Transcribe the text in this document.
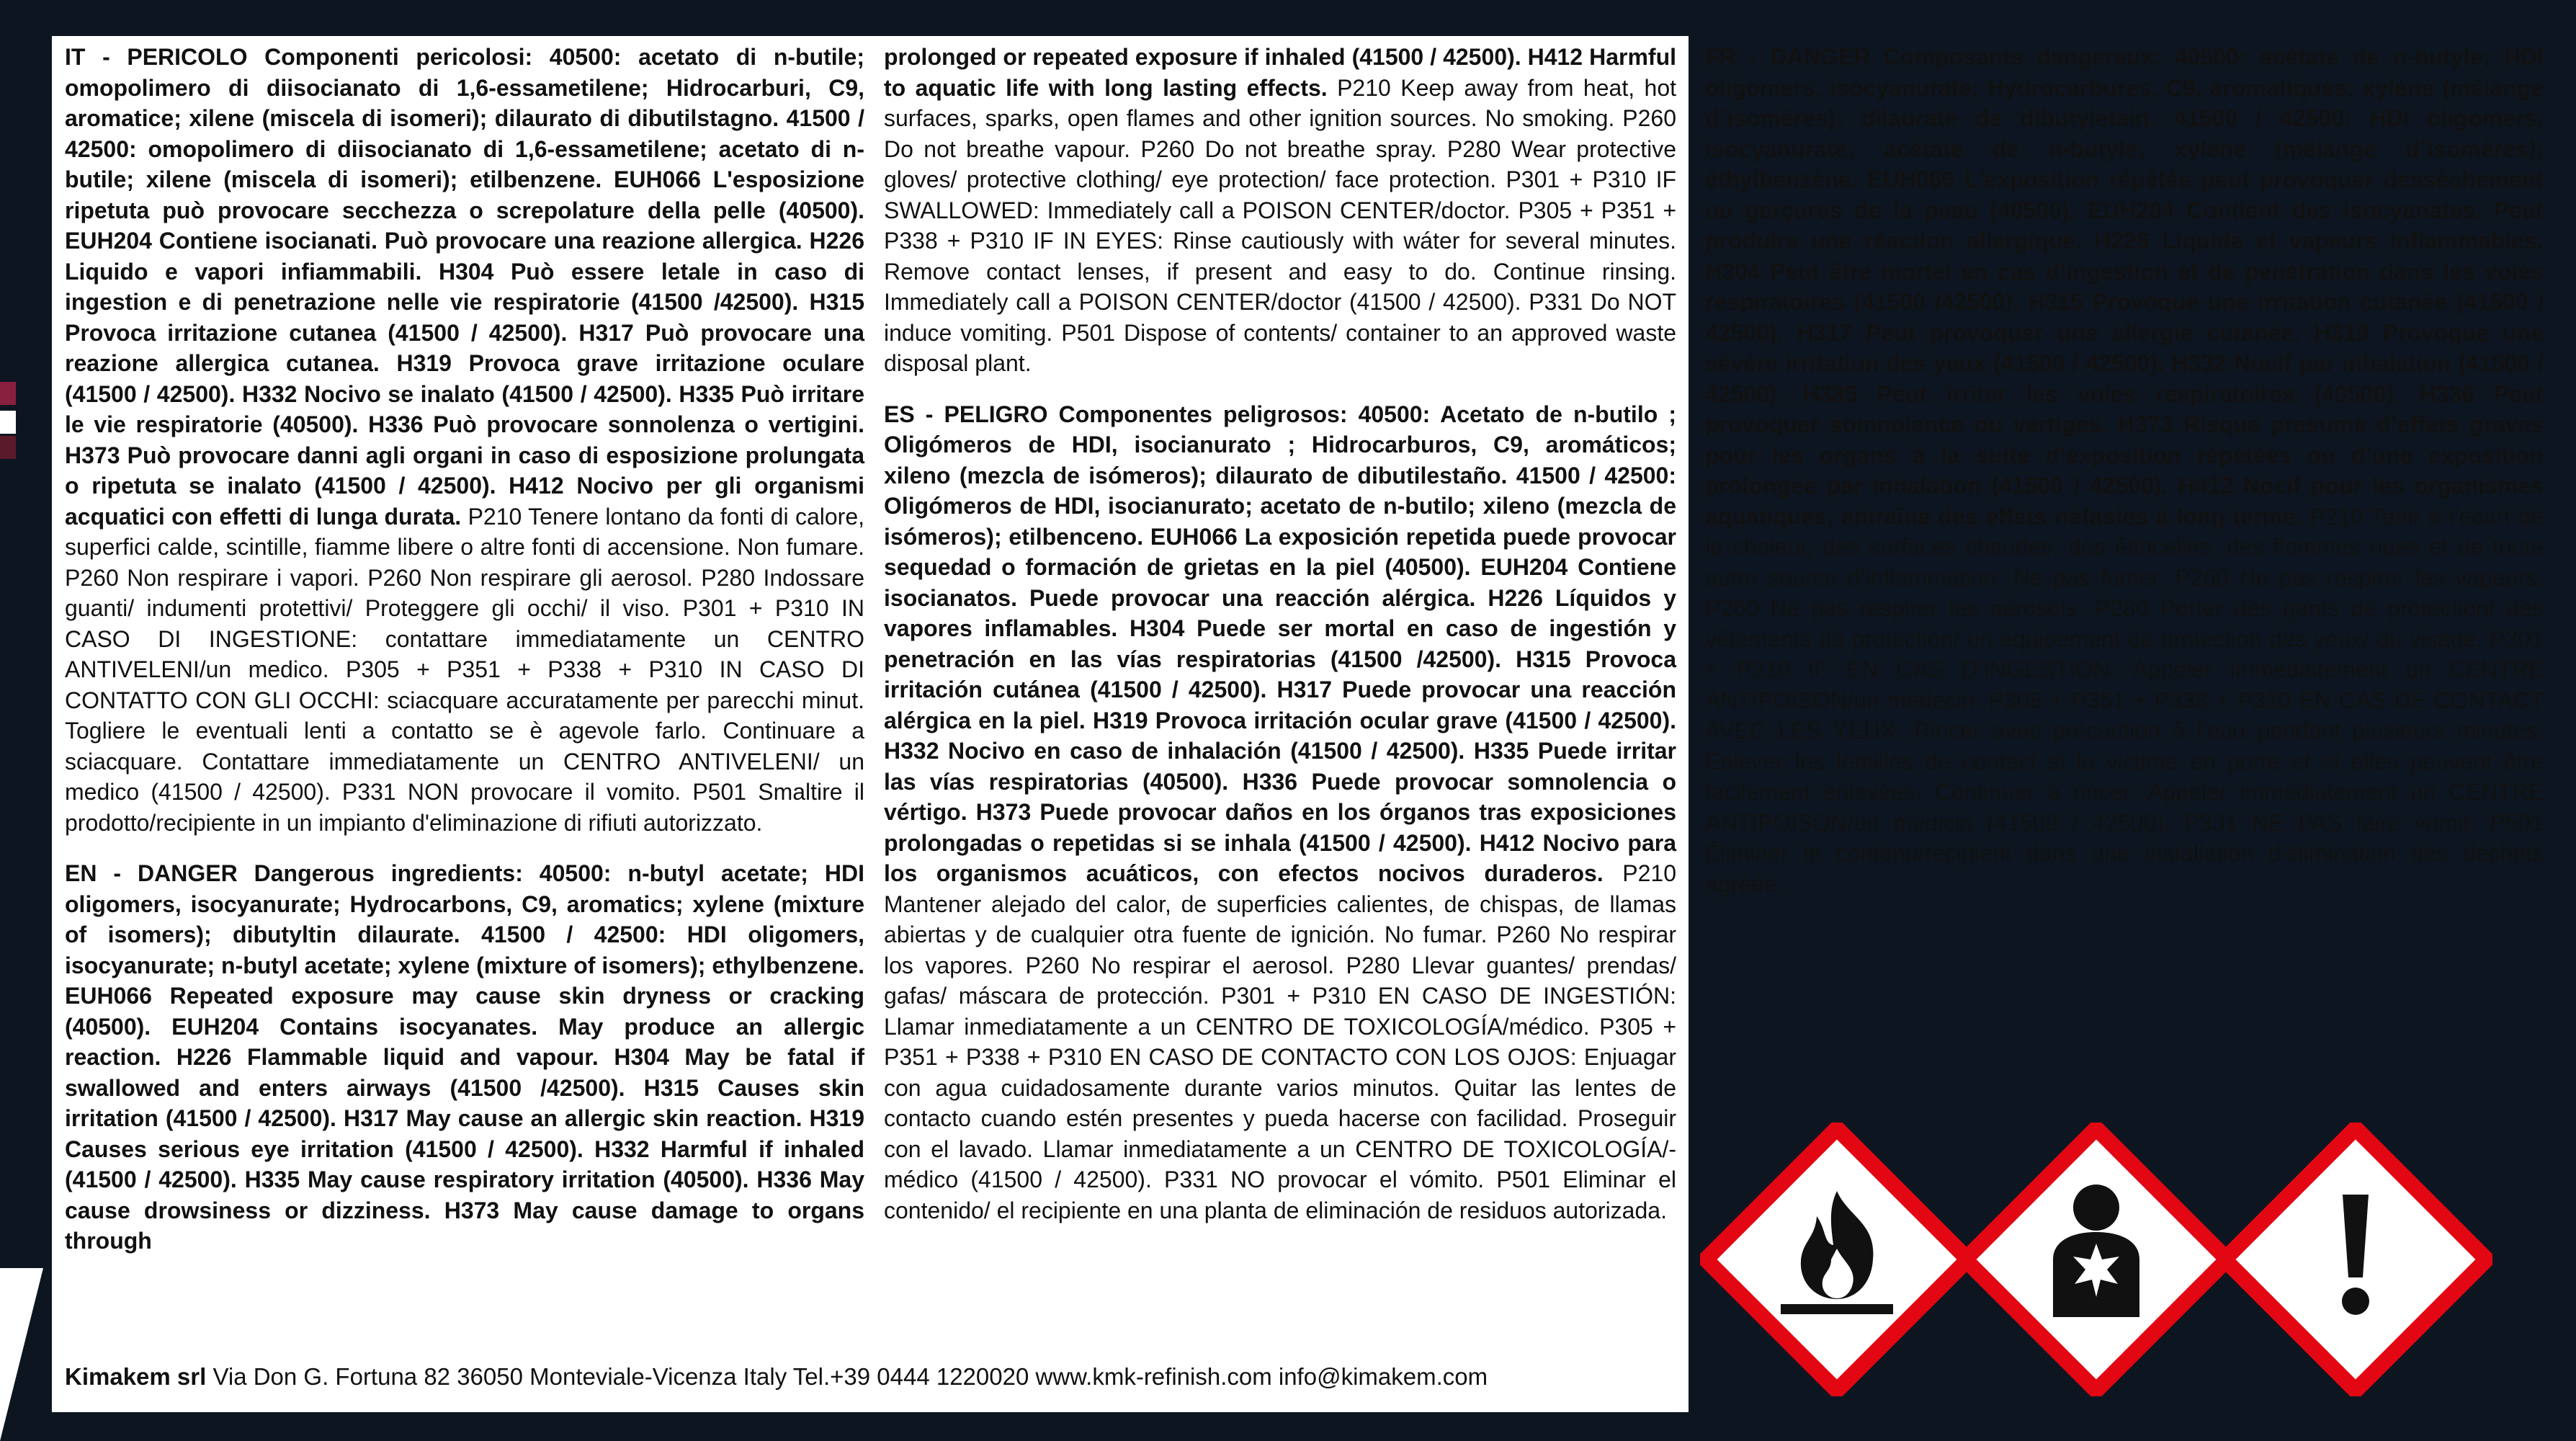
IT - PERICOLO Componenti pericolosi: 40500: acetato di n-butile; omopolimero di diisocianato di 1,6-essametilene; Hidrocarburi, C9, aromatice; xilene (miscela di isomeri); dilaurato di dibutilstagno. 41500 / 42500: omopolimero di diisocianato di 1,6-essametilene; acetato di n-butile; xilene (miscela di isomeri); etilbenzene. EUH066 L'esposizione ripetuta può provocare secchezza o screpolature della pelle (40500). EUH204 Contiene isocianati. Può provocare una reazione allergica. H226 Liquido e vapori infiammabili. H304 Può essere letale in caso di ingestion e di penetrazione nelle vie respiratorie (41500 /42500). H315 Provoca irritazione cutanea (41500 / 42500). H317 Può provocare una reazione allergica cutanea. H319 Provoca grave irritazione oculare (41500 / 42500). H332 Nocivo se inalato (41500 / 42500). H335 Può irritare le vie respiratorie (40500). H336 Può provocare sonnolenza o vertigini. H373 Può provocare danni agli organi in caso di esposizione prolungata o ripetuta se inalato (41500 / 42500). H412 Nocivo per gli organismi acquatici con effetti di lunga durata. P210 Tenere lontano da fonti di calore, superfici calde, scintille, fiamme libere o altre fonti di accensione. Non fumare. P260 Non respirare i vapori. P260 Non respirare gli aerosol. P280 Indossare guanti/ indumenti protettivi/ Proteggere gli occhi/ il viso. P301 + P310 IN CASO DI INGESTIONE: contattare immediatamente un CENTRO ANTIVELENI/un medico. P305 + P351 + P338 + P310 IN CASO DI CONTATTO CON GLI OCCHI: sciacquare accuratamente per parecchi minut. Togliere le eventuali lenti a contatto se è agevole farlo. Continuare a sciacquare. Contattare immediatamente un CENTRO ANTIVELENI/ un medico (41500 / 42500). P331 NON provocare il vomito. P501 Smaltire il prodotto/recipiente in un impianto d'eliminazione di rifiuti autorizzato.

EN - DANGER Dangerous ingredients: 40500: n-butyl acetate; HDI oligomers, isocyanurate; Hydrocarbons, C9, aromatics; xylene (mixture of isomers); dibutyltin dilaurate. 41500 / 42500: HDI oligomers, isocyanurate; n-butyl acetate; xylene (mixture of isomers); ethylbenzene. EUH066 Repeated exposure may cause skin dryness or cracking (40500). EUH204 Contains isocyanates. May produce an allergic reaction. H226 Flammable liquid and vapour. H304 May be fatal if swallowed and enters airways (41500 /42500). H315 Causes skin irritation (41500 / 42500). H317 May cause an allergic skin reaction. H319 Causes serious eye irritation (41500 / 42500). H332 Harmful if inhaled (41500 / 42500). H335 May cause respiratory irritation (40500). H336 May cause drowsiness or dizziness. H373 May cause damage to organs through

prolonged or repeated exposure if inhaled (41500 / 42500). H412 Harmful to aquatic life with long lasting effects. P210 Keep away from heat, hot surfaces, sparks, open flames and other ignition sources. No smoking. P260 Do not breathe vapour. P260 Do not breathe spray. P280 Wear protective gloves/ protective clothing/ eye protection/ face protection. P301 + P310 IF SWALLOWED: Immediately call a POISON CENTER/doctor. P305 + P351 + P338 + P310 IF IN EYES: Rinse cautiously with wáter for several minutes. Remove contact lenses, if present and easy to do. Continue rinsing. Immediately call a POISON CENTER/doctor (41500 / 42500). P331 Do NOT induce vomiting. P501 Dispose of contents/ container to an approved waste disposal plant.

ES - PELIGRO Componentes peligrosos: 40500: Acetato de n-butilo ; Oligómeros de HDI, isocianurato ; Hidrocarburos, C9, aromáticos; xileno (mezcla de isómeros); dilaurato de dibutilestaño. 41500 / 42500: Oligómeros de HDI, isocianurato; acetato de n-butilo; xileno (mezcla de isómeros); etilbenceno. EUH066 La exposición repetida puede provocar sequedad o formación de grietas en la piel (40500). EUH204 Contiene isocianatos. Puede provocar una reacción alérgica. H226 Líquidos y vapores inflamables. H304 Puede ser mortal en caso de ingestión y penetración en las vías respiratorias (41500 /42500). H315 Provoca irritación cutánea (41500 / 42500). H317 Puede provocar una reacción alérgica en la piel. H319 Provoca irritación ocular grave (41500 / 42500). H332 Nocivo en caso de inhalación (41500 / 42500). H335 Puede irritar las vías respiratorias (40500). H336 Puede provocar somnolencia o vértigo. H373 Puede provocar daños en los órganos tras exposiciones prolongadas o repetidas si se inhala (41500 / 42500). H412 Nocivo para los organismos acuáticos, con efectos nocivos duraderos. P210 Mantener alejado del calor, de superficies calientes, de chispas, de llamas abiertas y de cualquier otra fuente de ignición. No fumar. P260 No respirar los vapores. P260 No respirar el aerosol. P280 Llevar guantes/ prendas/ gafas/ máscara de protección. P301 + P310 EN CASO DE INGESTIÓN: Llamar inmediatamente a un CENTRO DE TOXICOLOGÍA/médico. P305 + P351 + P338 + P310 EN CASO DE CONTACTO CON LOS OJOS: Enjuagar con agua cuidadosamente durante varios minutos. Quitar las lentes de contacto cuando estén presentes y pueda hacerse con facilidad. Proseguir con el lavado. Llamar inmediatamente a un CENTRO DE TOXICOLOGÍA/-médico (41500 / 42500). P331 NO provocar el vómito. P501 Eliminar el contenido/ el recipiente en una planta de eliminación de residuos autorizada.

FR - DANGER Composants dangereux: 40500: acétate de n-butyle; HDI oligomers, isocyanurate; Hydrocarbures, C9, aromatiques; xylène (mélange d´isomères); dilaurate de dibutylétain. 41500 / 42500: HDI oligomers, isocyanurate; acétate de n-butyle; xylène (mélange d´isomères); éthylbenzène. EUH066 L'exposition répétée peut provoquer dessèchement ou gerçures de la peau (40500). EUH204 Contient des isocyanates. Peut produire une réaction allergique. H226 Liquide et vapeurs inflammables. H304 Peut être mortel en cas d’ingestion et de penetration dans les voies respiratoires (41500 /42500). H315 Provoque une irritation cutanée (41500 / 42500). H317 Peut provoquer une allergie cutanée. H319 Provoque une sévère irritation des yeux (41500 / 42500). H332 Nocif par inhalation (41500 / 42500). H335 Peut irriter les voies respiratoires (40500). H336 Peut provoquer somnolence ou vertiges. H373 Risque presume d’effets graves pour les organs à la suite d’exposition répétées ou d’une exposition prolongée par inhalation (41500 / 42500). H412 Nocif pour les organismes aquatiques, entraîne des effets néfastes à long terme. P210 Tenir à l’écart de la chaleur, des surfaces chaudes, des étincelles, des flammes nues et de toute autre source d’inflammation. Ne pas fumer. P260 Ne pas respirer les vapeurs. P260 Ne pas respirer les aérosols. P280 Porter des gants de protection/ des vêtements de protection/ un équipement de protection des yeux/ du visage. P301 + P310 IF EN CAS D’INGESTION: Appeler immédiatement un CENTRE ANTIPOISON/un médecin. P305 + P351 + P338 + P310 EN CAS DE CONTACT AVEC LES YEUX: Rincer avec précaution à l’eau pendant plusieurs minutes. Enlever les lentilles de contact si la victime en porte et si elles peuvent être facilement enlevées. Continuer à rincer. Appeler immédiatement un CENTRE ANTIPOISON/un médicin (41500 / 42500). P331 NE PAS faire vomir. P501 Éliminer le contenu/récipient dans une installation d'élimination des déchets agréée.

Kimakem srl Via Don G. Fortuna 82 36050 Monteviale-Vicenza Italy Tel.+39 0444 1220020 www.kmk-refinish.com info@kimakem.com
